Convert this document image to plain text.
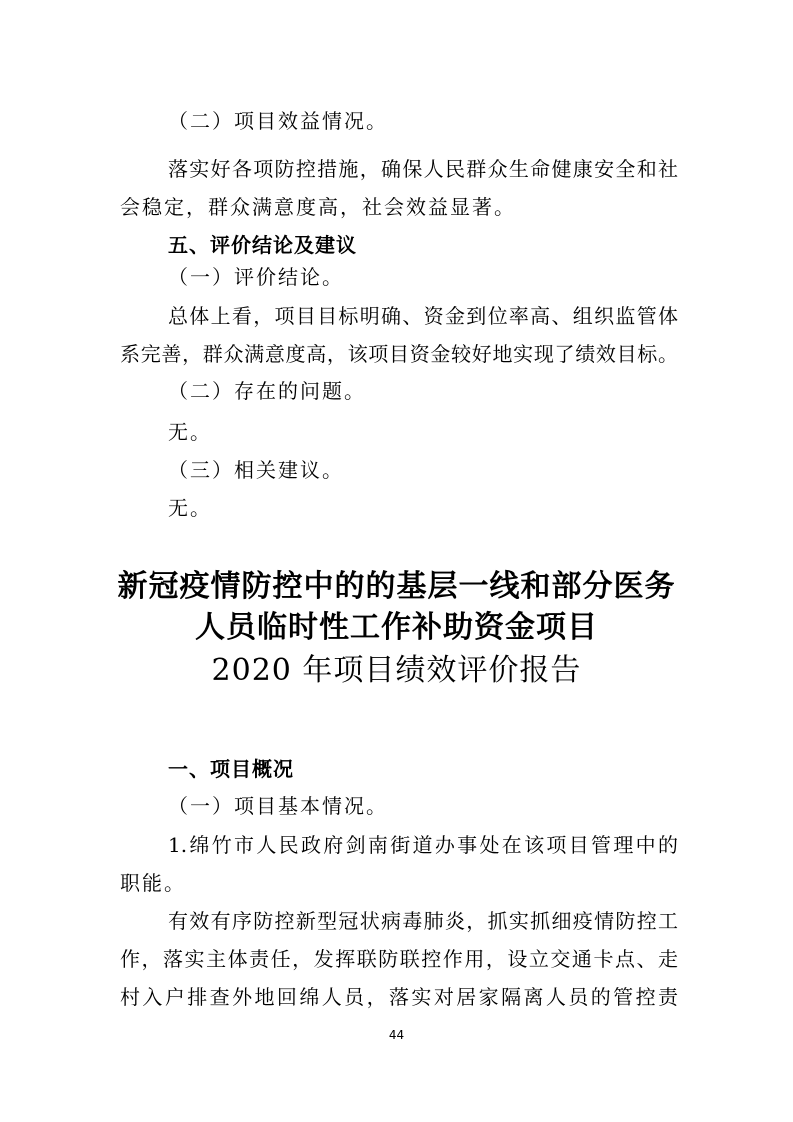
（二）项目效益情况。
落实好各项防控措施，确保人民群众生命健康安全和社
会稳定，群众满意度高，社会效益显著。
五、评价结论及建议
（一）评价结论。
总体上看，项目目标明确、资金到位率高、组织监管体
系完善，群众满意度高，该项目资金较好地实现了绩效目标。
（二）存在的问题。
无。
（三）相关建议。
无。
新冠疫情防控中的的基层一线和部分医务
人员临时性工作补助资金项目
2020 年项目绩效评价报告
一、项目概况
（一）项目基本情况。
1.绵竹市人民政府剑南街道办事处在该项目管理中的
职能。
有效有序防控新型冠状病毒肺炎，抓实抓细疫情防控工
作，落实主体责任，发挥联防联控作用，设立交通卡点、走
村入户排查外地回绵人员，落实对居家隔离人员的管控责
44
